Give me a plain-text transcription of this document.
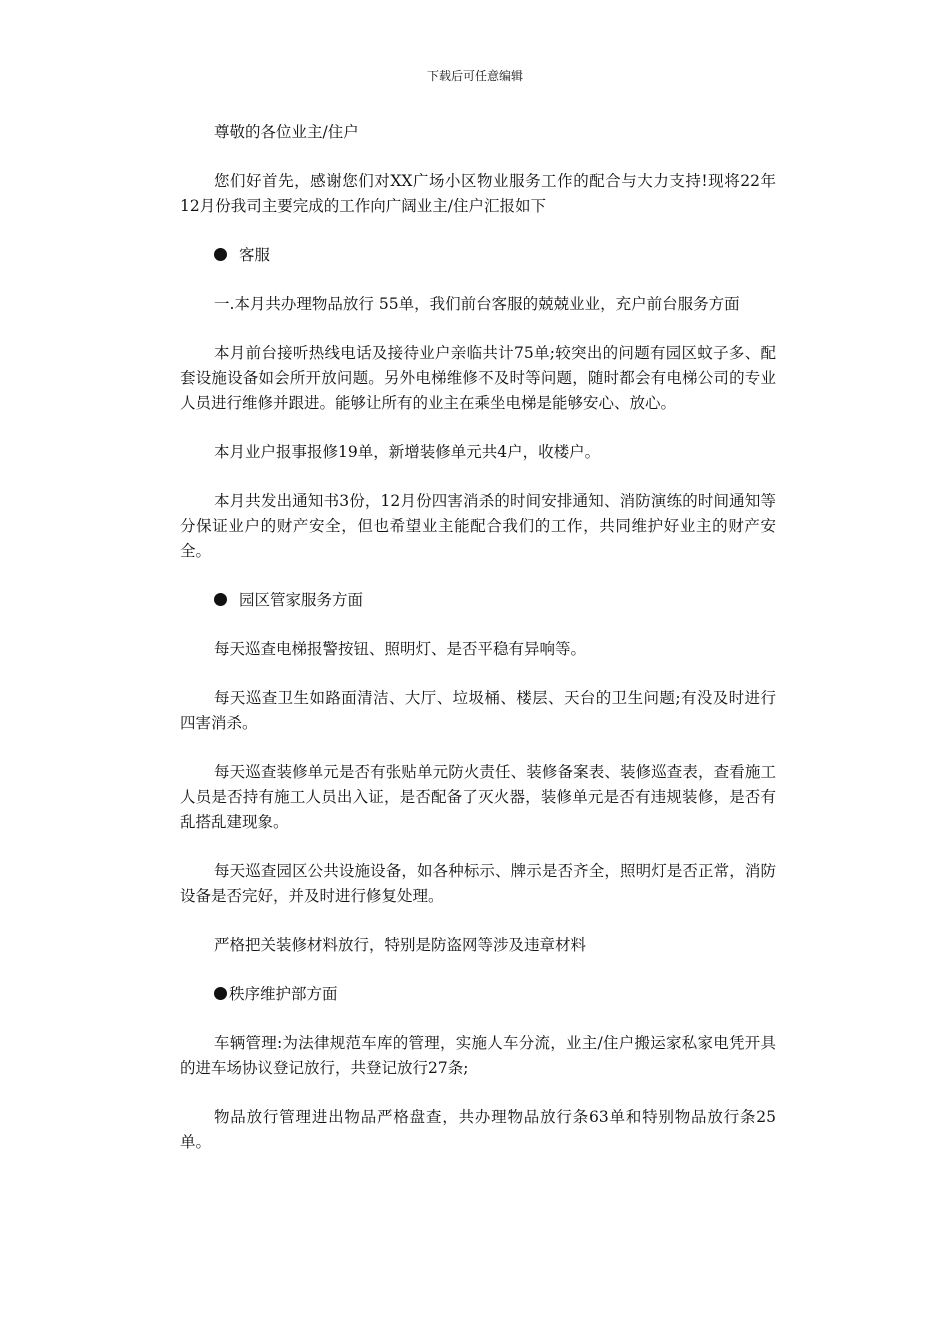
下载后可任意编辑

尊敬的各位业主/住户

您们好首先，感谢您们对XX广场小区物业服务工作的配合与大力支持!现将22年12月份我司主要完成的工作向广阔业主/住户汇报如下

客服

一.本月共办理物品放行 55单，我们前台客服的兢兢业业，充户前台服务方面

本月前台接听热线电话及接待业户亲临共计75单;较突出的问题有园区蚊子多、配套设施设备如会所开放问题。另外电梯维修不及时等问题，随时都会有电梯公司的专业人员进行维修并跟进。能够让所有的业主在乘坐电梯是能够安心、放心。

本月业户报事报修19单，新增装修单元共4户，收楼户。

本月共发出通知书3份，12月份四害消杀的时间安排通知、消防演练的时间通知等分保证业户的财产安全，但也希望业主能配合我们的工作，共同维护好业主的财产安全。

园区管家服务方面

每天巡查电梯报警按钮、照明灯、是否平稳有异响等。

每天巡查卫生如路面清洁、大厅、垃圾桶、楼层、天台的卫生问题;有没及时进行四害消杀。

每天巡查装修单元是否有张贴单元防火责任、装修备案表、装修巡查表，查看施工人员是否持有施工人员出入证，是否配备了灭火器，装修单元是否有违规装修，是否有乱搭乱建现象。

每天巡查园区公共设施设备，如各种标示、牌示是否齐全，照明灯是否正常，消防设备是否完好，并及时进行修复处理。

严格把关装修材料放行，特别是防盗网等涉及违章材料

秩序维护部方面

车辆管理:为法律规范车库的管理，实施人车分流，业主/住户搬运家私家电凭开具的进车场协议登记放行，共登记放行27条;

物品放行管理进出物品严格盘查，共办理物品放行条63单和特别物品放行条25单。
